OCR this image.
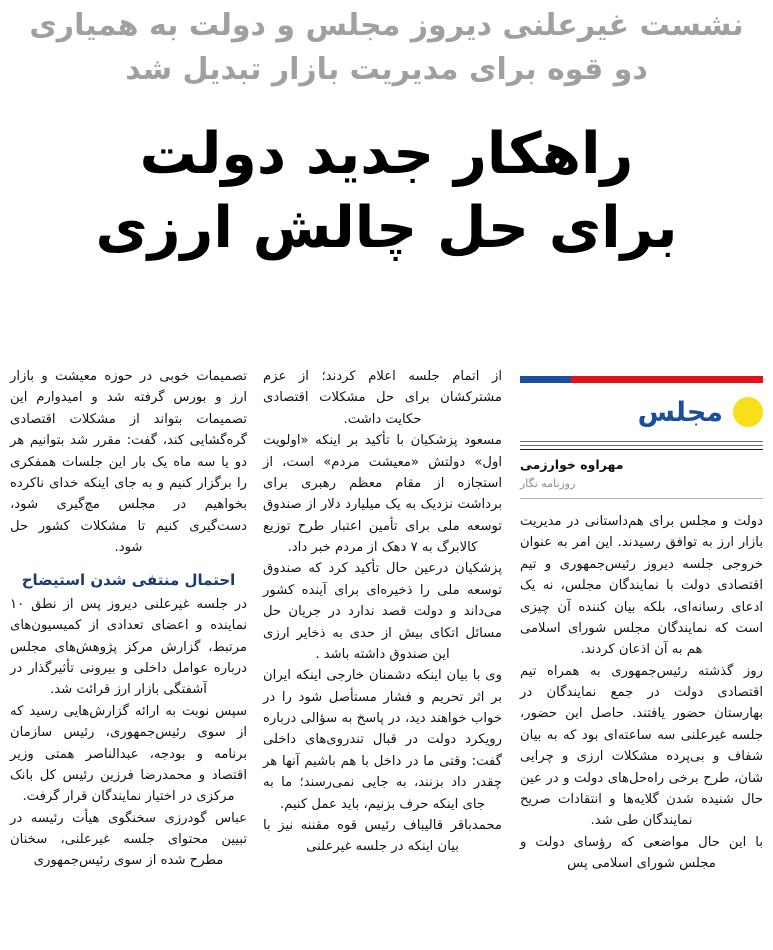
نشست غیرعلنی دیروز مجلس و دولت به همیاری دو قوه برای مدیریت بازار تبدیل شد
راهکار جدید دولت
برای حل چالش ارزی
مجلس
مهراوه خوارزمی
روزنامه نگار

دولت و مجلس برای هم‌داستانی در مدیریت بازار ارز به توافق رسیدند. این امر به عنوان خروجی جلسه دیروز رئیس‌جمهوری و تیم اقتصادی دولت با نمایندگان مجلس، نه یک ادعای رسانه‌ای، بلکه بیان کننده آن چیزی است که نمایندگان مجلس شورای اسلامی هم به آن اذعان کردند.

روز گذشته رئیس‌جمهوری به همراه تیم اقتصادی دولت در جمع نمایندگان در بهارستان حضور یافتند. حاصل این حضور، جلسه غیرعلنی سه ساعته‌ای بود که به بیان شفاف و بی‌پرده مشکلات ارزی و چرایی شان، طرح برخی راه‌حل‌های دولت و در عین حال شنیده شدن گلایه‌ها و انتقادات صریح نمایندگان طی شد.

با این حال مواضعی که رؤسای دولت و مجلس شورای اسلامی پس

از اتمام جلسه اعلام کردند؛ از عزم مشترکشان برای حل مشکلات اقتصادی حکایت داشت.

مسعود پزشکیان با تأکید بر اینکه «اولویت اول» دولتش «معیشت مردم» است، از استجازه از مقام معظم رهبری برای برداشت نزدیک به یک میلیارد دلار از صندوق توسعه ملی برای تأمین اعتبار طرح توزیع کالابرگ به ۷ دهک از مردم خبر داد.

پزشکیان درعین حال تأکید کرد که صندوق توسعه ملی را ذخیره‌ای برای آینده کشور می‌داند و دولت قصد ندارد در جریان حل مسائل اتکای بیش از حدی به ذخایر ارزی این صندوق داشته باشد .

وی با بیان اینکه دشمنان خارجی اینکه ایران بر اثر تحریم و فشار مستأصل شود را در خواب خواهند دید، در پاسخ به سؤالی درباره رویکرد دولت در قبال تندروی‌های داخلی گفت: وقتی ما در داخل با هم باشیم آنها هر چقدر داد بزنند، به جایی نمی‌رسند؛ ما به جای اینکه حرف بزنیم، باید عمل کنیم.

محمدباقر قالیباف رئیس قوه مقننه نیز با بیان اینکه در جلسه غیرعلنی

تصمیمات خوبی در حوزه معیشت و بازار ارز و بورس گرفته شد و امیدوارم این تصمیمات بتواند از مشکلات اقتصادی گره‌گشایی کند، گفت: مقرر شد بتوانیم هر دو یا سه ماه یک بار این جلسات همفکری را برگزار کنیم و به جای اینکه خدای ناکرده بخواهیم در مجلس مچ‌گیری شود، دست‌گیری کنیم تا مشکلات کشور حل شود.

احتمال منتفی شدن استیضاح

در جلسه غیرعلنی دیروز پس از نطق ۱۰ نماینده و اعضای تعدادی از کمیسیون‌های مرتبط، گزارش مرکز پژوهش‌های مجلس درباره عوامل داخلی و بیرونی تأثیرگذار در آشفتگی بازار ارز قرائت شد.

سپس نوبت به ارائه گزارش‌هایی رسید که از سوی رئیس‌جمهوری، رئیس سازمان برنامه و بودجه، عبدالناصر همتی وزیر اقتصاد و محمدرضا فرزین رئیس کل بانک مرکزی در اختیار نمایندگان قرار گرفت.

عباس گودرزی سخنگوی هیأت رئیسه در تبیین محتوای جلسه غیرعلنی، سخنان مطرح شده از سوی رئیس‌جمهوری
